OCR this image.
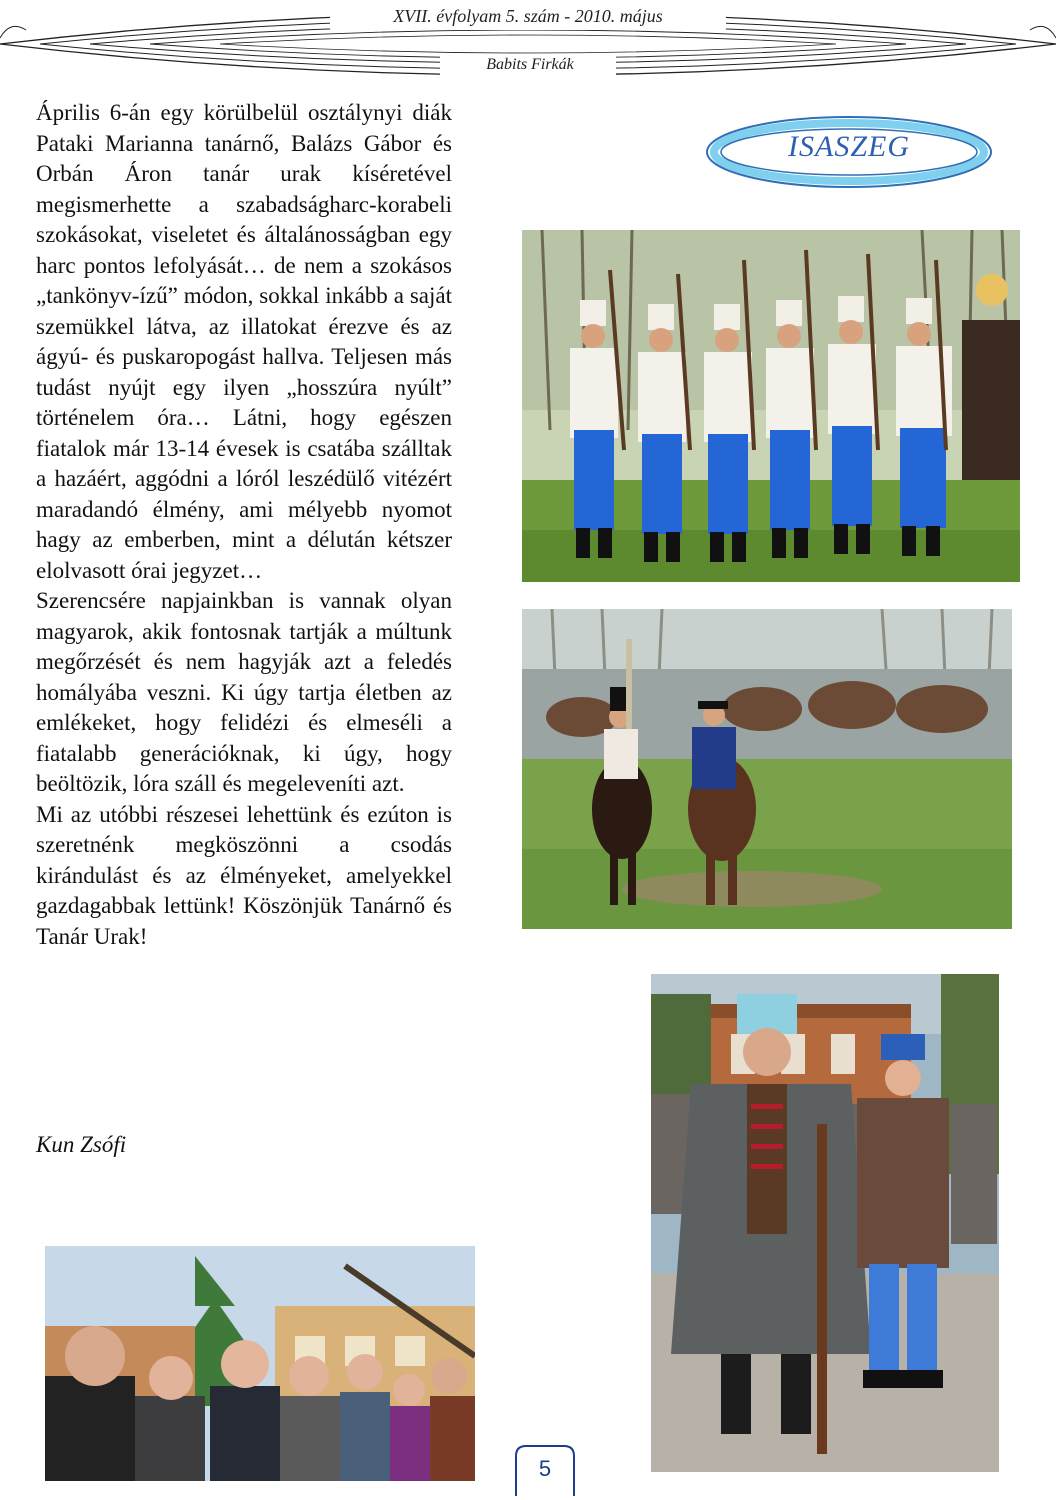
XVII. évfolyam 5. szám - 2010. május
Babits Firkák

Április 6-án egy körülbelül osztálynyi diák Pataki Marianna tanárnő, Balázs Gábor és Orbán Áron tanár urak kíséretével megismerhette a szabadságharc-korabeli szokásokat, viseletet és általánosságban egy harc pontos lefolyását… de nem a szokásos „tankönyv-ízű” módon, sokkal inkább a saját szemükkel látva, az illatokat érezve és az ágyú- és puskaropogást hallva. Teljesen más tudást nyújt egy ilyen „hosszúra nyúlt” történelem óra… Látni, hogy egészen fiatalok már 13-14 évesek is csatába szálltak a hazáért, aggódni a lóról leszédülő vitézért maradandó élmény, ami mélyebb nyomot hagy az emberben, mint a délután kétszer elolvasott órai jegyzet…

Szerencsére napjainkban is vannak olyan magyarok, akik fontosnak tartják a múltunk megőrzését és nem hagyják azt a feledés homályába veszni. Ki úgy tartja életben az emlékeket, hogy felidézi és elmeséli a fiatalabb generációknak, ki úgy, hogy beöltözik, lóra száll és megeleveníti azt.

Mi az utóbbi részesei lehettünk és ezúton is szeretnénk megköszönni a csodás kirándulást és az élményeket, amelyekkel gazdagabbak lettünk! Köszönjük Tanárnő és Tanár Urak!

Kun Zsófi
ISASZEG
5
